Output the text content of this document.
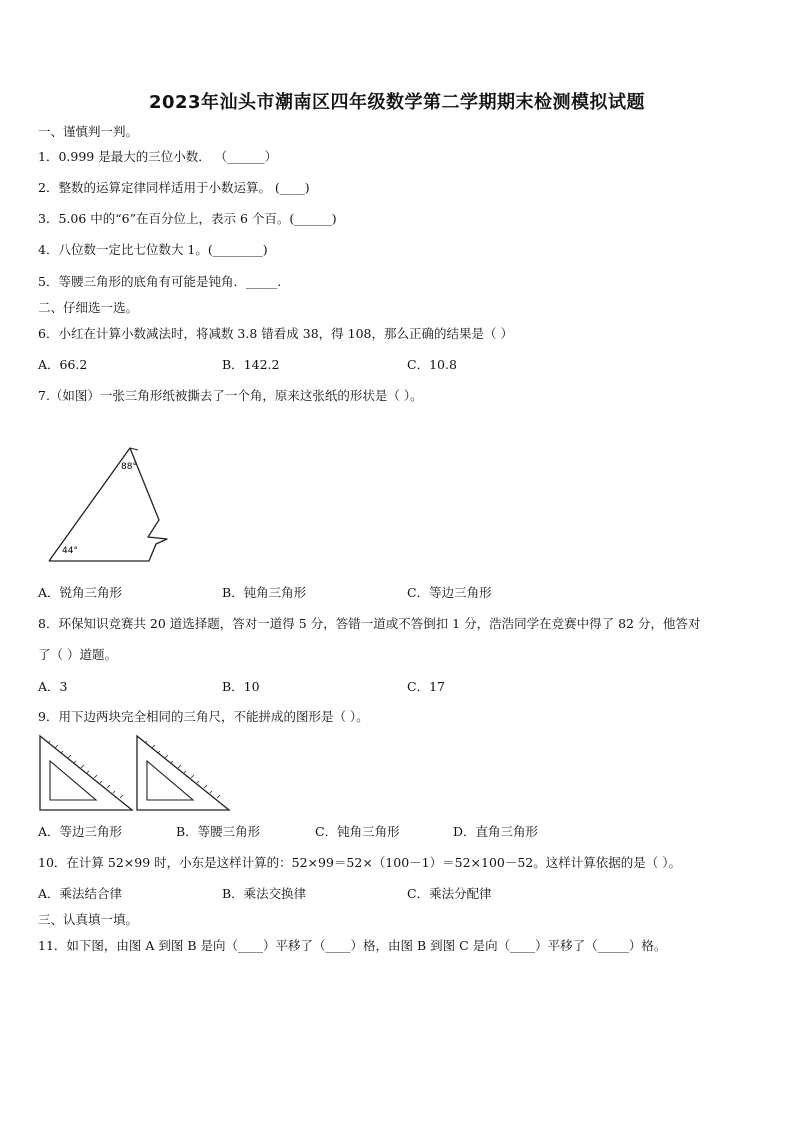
2023年汕头市潮南区四年级数学第二学期期末检测模拟试题
一、谨慎判一判。
1．0.999 是最大的三位小数． （______）
2．整数的运算定律同样适用于小数运算。 (____)
3．5.06 中的“6”在百分位上，表示 6 个百。(______)
4．八位数一定比七位数大 1。(________)
5．等腰三角形的底角有可能是钝角．_____.
二、仔细选一选。
6．小红在计算小数减法时，将减数 3.8 错看成 38，得 108，那么正确的结果是（ ）
A．66.2	B．142.2	C．10.8
7.（如图）一张三角形纸被撕去了一个角，原来这张纸的形状是（ ）。
88°
44°
A．锐角三角形	B．钝角三角形	C．等边三角形
8．环保知识竞赛共 20 道选择题，答对一道得 5 分，答错一道或不答倒扣 1 分，浩浩同学在竞赛中得了 82 分，他答对
了（ ）道题。
A．3	B．10	C．17
9．用下边两块完全相同的三角尺，不能拼成的图形是（ ）。
A．等边三角形	B．等腰三角形	C．钝角三角形	D．直角三角形
10．在计算 52×99 时，小东是这样计算的：52×99＝52×（100－1）＝52×100－52。这样计算依据的是（ ）。
A．乘法结合律	B．乘法交换律	C．乘法分配律
三、认真填一填。
11．如下图，由图 A 到图 B 是向（____）平移了（____）格，由图 B 到图 C 是向（____）平移了（_____）格。
